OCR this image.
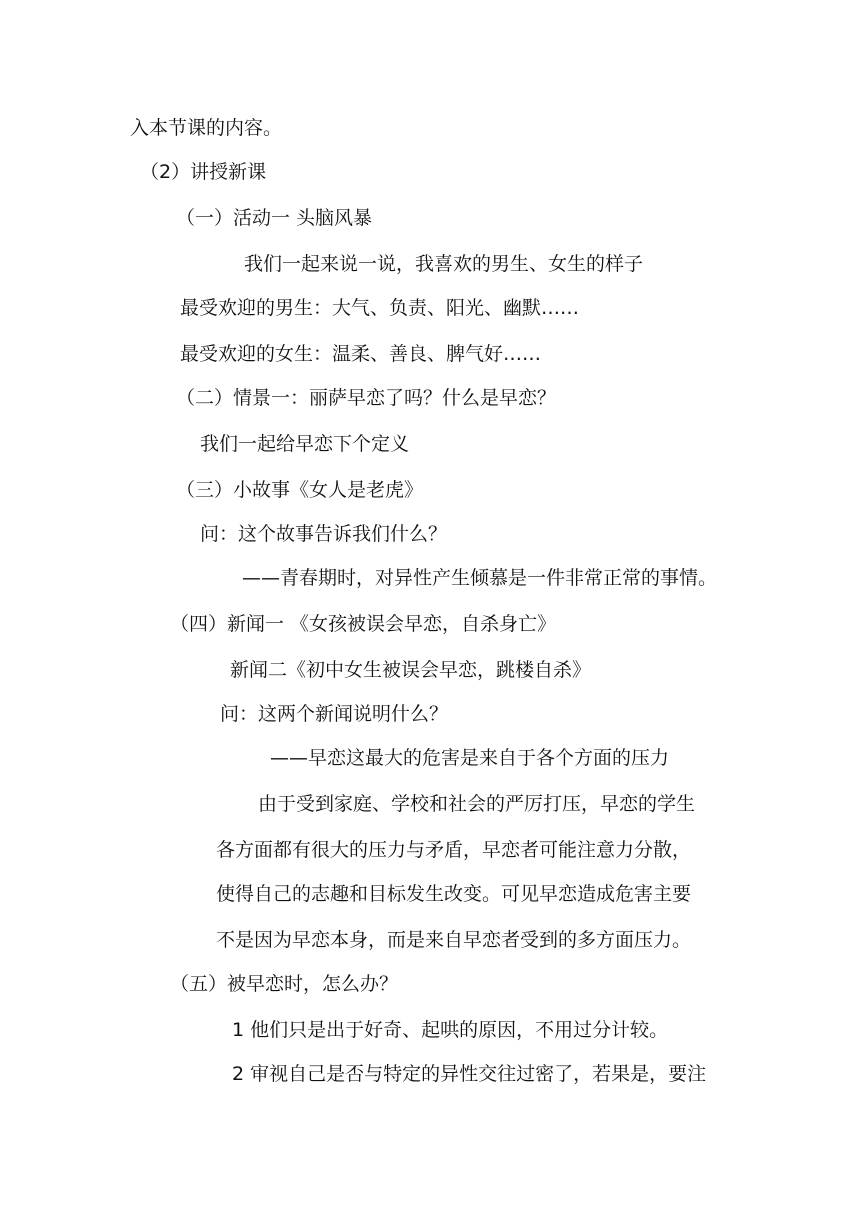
入本节课的内容。
（2）讲授新课
（一）活动一 头脑风暴
我们一起来说一说，我喜欢的男生、女生的样子
最受欢迎的男生：大气、负责、阳光、幽默……
最受欢迎的女生：温柔、善良、脾气好……
（二）情景一：丽萨早恋了吗？什么是早恋？
我们一起给早恋下个定义
（三）小故事《女人是老虎》
问：这个故事告诉我们什么？
——青春期时，对异性产生倾慕是一件非常正常的事情。
（四）新闻一 《女孩被误会早恋，自杀身亡》
新闻二《初中女生被误会早恋，跳楼自杀》
问：这两个新闻说明什么？
——早恋这最大的危害是来自于各个方面的压力
由于受到家庭、学校和社会的严厉打压，早恋的学生
各方面都有很大的压力与矛盾，早恋者可能注意力分散，
使得自己的志趣和目标发生改变。可见早恋造成危害主要
不是因为早恋本身，而是来自早恋者受到的多方面压力。
（五）被早恋时，怎么办？
1 他们只是出于好奇、起哄的原因，不用过分计较。
2 审视自己是否与特定的异性交往过密了，若果是，要注
